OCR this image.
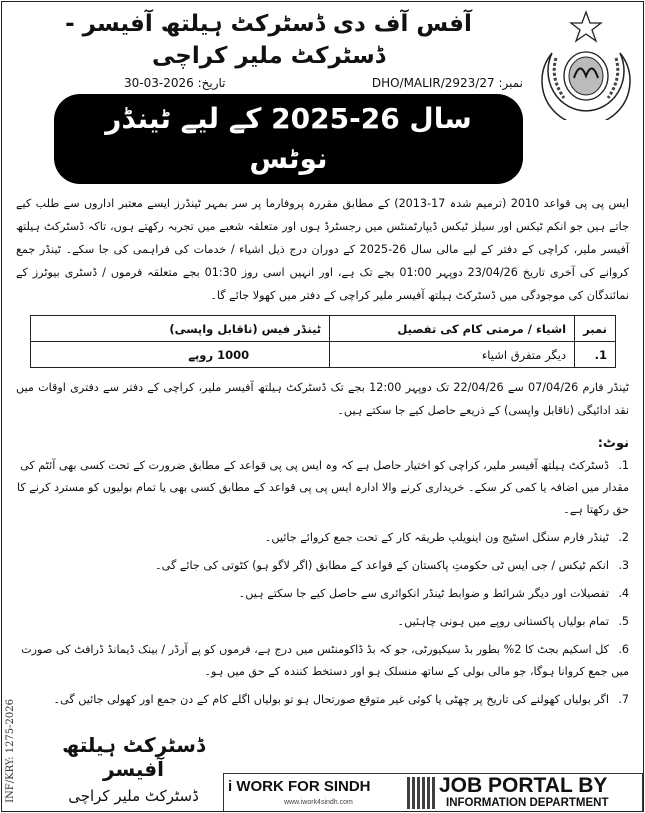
آفس آف دی ڈسٹرکٹ ہیلتھ آفیسر - ڈسٹرکٹ ملیر کراچی
تاریخ: 30-03-2026	نمبر: DHO/MALIR/2923/27
سال 26-2025 کے لیے ٹینڈر نوٹس
ایس پی پی قواعد 2010 (ترمیم شدہ 17-2013) کے مطابق مقررہ پروفارما پر سر بمہر ٹینڈرز ایسے معتبر اداروں سے طلب کیے جاتے ہیں جو انکم ٹیکس اور سیلز ٹیکس ڈیپارٹمنٹس میں رجسٹرڈ ہوں اور متعلقہ شعبے میں تجربہ رکھتے ہوں، تاکہ ڈسٹرکٹ ہیلتھ آفیسر ملیر، کراچی کے دفتر کے لیے مالی سال 26-2025 کے دوران درج ذیل اشیاء / خدمات کی فراہمی کی جا سکے۔ ٹینڈر جمع کروانے کی آخری تاریخ 23/04/26 دوپہر 01:00 بجے تک ہے، اور انہیں اسی روز 01:30 بجے متعلقہ فرموں / ڈسٹری بیوٹرز کے نمائندگان کی موجودگی میں ڈسٹرکٹ ہیلتھ آفیسر ملیر کراچی کے دفتر میں کھولا جائے گا۔
نمبر	اشیاء / مرمتی کام کی تفصیل	ٹینڈر فیس (ناقابل واپسی)
1.	دیگر متفرق اشیاء	1000 روپے
ٹینڈر فارم 07/04/26 سے 22/04/26 تک دوپہر 12:00 بجے تک ڈسٹرکٹ ہیلتھ آفیسر ملیر، کراچی کے دفتر سے دفتری اوقات میں نقد ادائیگی (ناقابل واپسی) کے ذریعے حاصل کیے جا سکتے ہیں۔
نوٹ:
1.ڈسٹرکٹ ہیلتھ آفیسر ملیر، کراچی کو اختیار حاصل ہے کہ وہ ایس پی پی قواعد کے مطابق ضرورت کے تحت کسی بھی آئٹم کی مقدار میں اضافہ یا کمی کر سکے۔ خریداری کرنے والا ادارہ ایس پی پی قواعد کے مطابق کسی بھی یا تمام بولیوں کو مسترد کرنے کا حق رکھتا ہے۔
2.ٹینڈر فارم سنگل اسٹیج ون اینویلپ طریقہ کار کے تحت جمع کروائے جائیں۔
3.انکم ٹیکس / جی ایس ٹی حکومتِ پاکستان کے قواعد کے مطابق (اگر لاگو ہو) کٹوتی کی جائے گی۔
4.تفصیلات اور دیگر شرائط و ضوابط ٹینڈر انکوائری سے حاصل کیے جا سکتے ہیں۔
5.تمام بولیاں پاکستانی روپے میں ہونی چاہئیں۔
6.کل اسکیم بجٹ کا 2% بطور بڈ سیکیورٹی، جو کہ بڈ ڈاکومنٹس میں درج ہے، فرموں کو پے آرڈر / بینک ڈیمانڈ ڈرافٹ کی صورت میں جمع کروانا ہوگا، جو مالی بولی کے ساتھ منسلک ہو اور دستخط کنندہ کے حق میں ہو۔
7.اگر بولیاں کھولنے کی تاریخ پر چھٹی یا کوئی غیر متوقع صورتحال ہو تو بولیاں اگلے کام کے دن جمع اور کھولی جائیں گی۔
ڈسٹرکٹ ہیلتھ آفیسر
ڈسٹرکٹ ملیر کراچی
i WORK FOR SINDH
www.iwork4sindh.com
JOB PORTAL BY
INFORMATION DEPARTMENT
INF/KRY: 1275-2026
